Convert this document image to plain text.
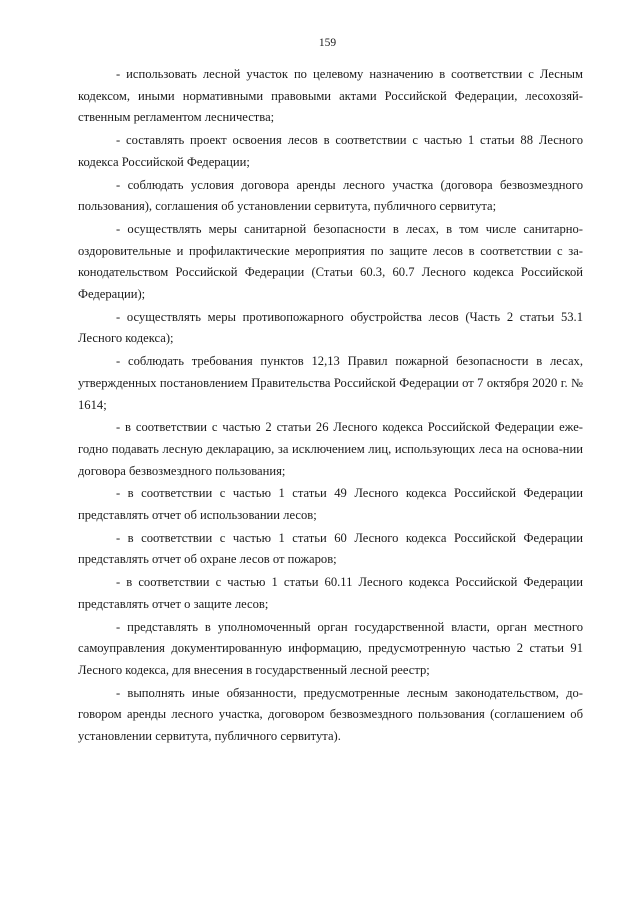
159

- использовать лесной участок по целевому назначению в соответствии с Лесным кодексом, иными нормативными правовыми актами Российской Федерации, лесохозяй-ственным регламентом лесничества;

- составлять проект освоения лесов в соответствии с частью 1 статьи 88 Лесного кодекса Российской Федерации;

- соблюдать условия договора аренды лесного участка (договора безвозмездного пользования), соглашения об установлении сервитута, публичного сервитута;

- осуществлять меры санитарной безопасности в лесах, в том числе санитарно-оздоровительные и профилактические мероприятия по защите лесов в соответствии с за-конодательством Российской Федерации (Статьи 60.3, 60.7 Лесного кодекса Российской Федерации);

- осуществлять меры противопожарного обустройства лесов (Часть 2 статьи 53.1 Лесного кодекса);

- соблюдать требования пунктов 12,13 Правил пожарной безопасности в лесах, утвержденных постановлением Правительства Российской Федерации от 7 октября 2020 г. № 1614;

- в соответствии с частью 2 статьи 26 Лесного кодекса Российской Федерации еже-годно подавать лесную декларацию, за исключением лиц, использующих леса на основа-нии договора безвозмездного пользования;

- в соответствии с частью 1 статьи 49 Лесного кодекса Российской Федерации представлять отчет об использовании лесов;

- в соответствии с частью 1 статьи 60 Лесного кодекса Российской Федерации представлять отчет об охране лесов от пожаров;

- в соответствии с частью 1 статьи 60.11 Лесного кодекса Российской Федерации представлять отчет о защите лесов;

- представлять в уполномоченный орган государственной власти, орган местного самоуправления документированную информацию, предусмотренную частью 2 статьи 91 Лесного кодекса, для внесения в государственный лесной реестр;

- выполнять иные обязанности, предусмотренные лесным законодательством, до-говором аренды лесного участка, договором безвозмездного пользования (соглашением об установлении сервитута, публичного сервитута).
